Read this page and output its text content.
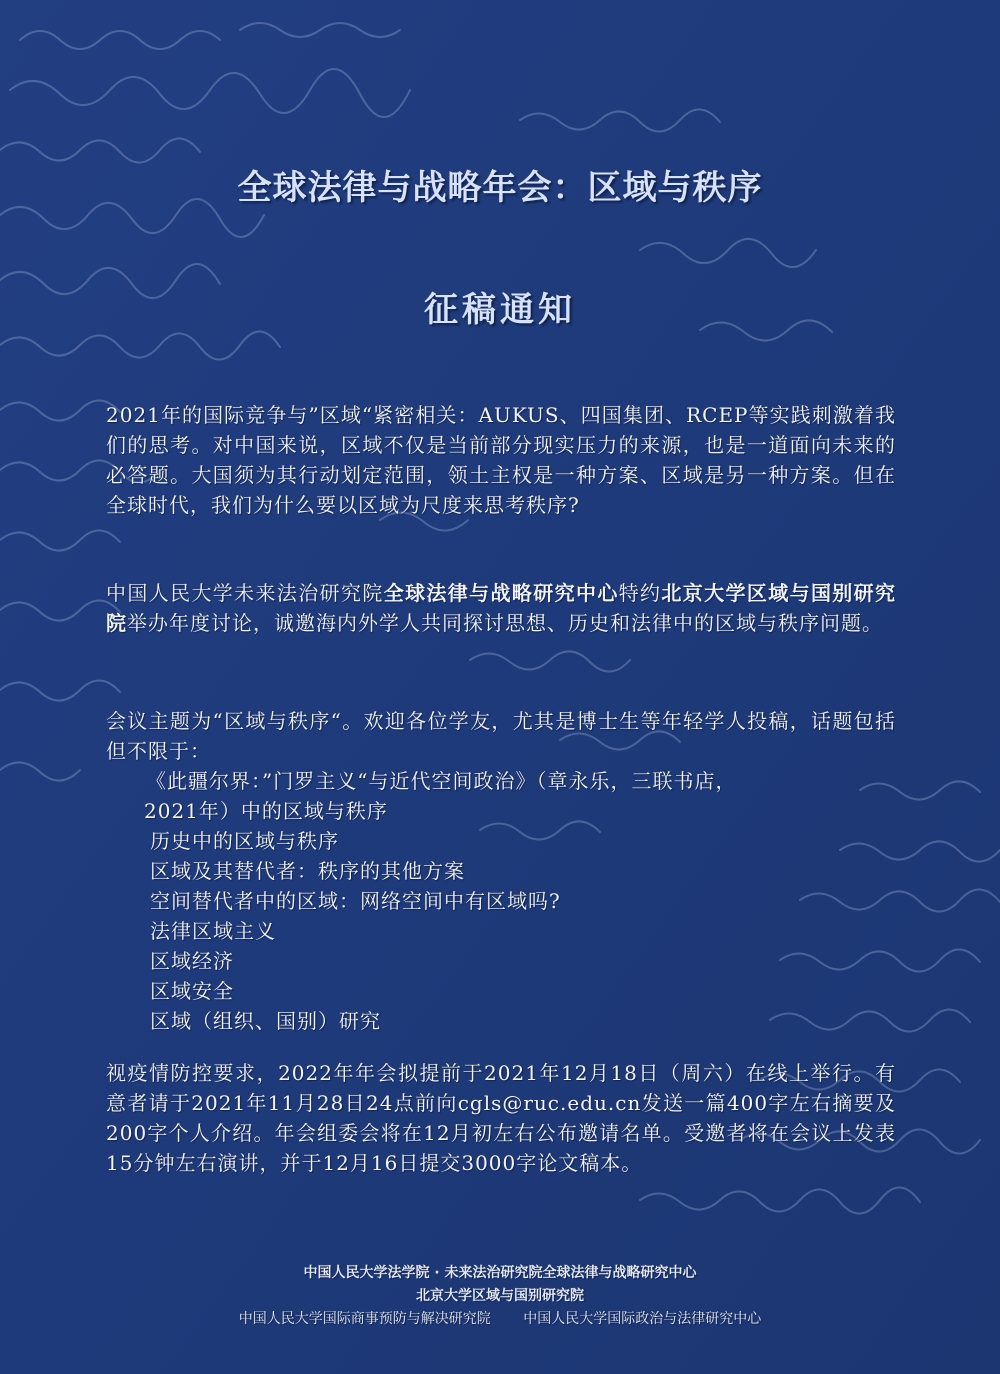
全球法律与战略年会：区域与秩序
征稿通知
2021年的国际竞争与”区域“紧密相关：AUKUS、四国集团、RCEP等实践刺激着我们的思考。对中国来说，区域不仅是当前部分现实压力的来源，也是一道面向未来的必答题。大国须为其行动划定范围，领土主权是一种方案、区域是另一种方案。但在全球时代，我们为什么要以区域为尺度来思考秩序?
中国人民大学未来法治研究院全球法律与战略研究中心特约北京大学区域与国别研究院举办年度讨论，诚邀海内外学人共同探讨思想、历史和法律中的区域与秩序问题。
会议主题为“区域与秩序“。欢迎各位学友，尤其是博士生等年轻学人投稿，话题包括但不限于：
《此疆尔界：”门罗主义“与近代空间政治》（章永乐，三联书店，
2021年）中的区域与秩序
历史中的区域与秩序
区域及其替代者：秩序的其他方案
空间替代者中的区域：网络空间中有区域吗?
法律区域主义
区域经济
区域安全
区域（组织、国别）研究
视疫情防控要求，2022年年会拟提前于2021年12月18日（周六）在线上举行。有意者请于2021年11月28日24点前向cgls@ruc.edu.cn发送一篇400字左右摘要及200字个人介绍。年会组委会将在12月初左右公布邀请名单。受邀者将在会议上发表15分钟左右演讲，并于12月16日提交3000字论文稿本。
中国人民大学法学院 · 未来法治研究院全球法律与战略研究中心
北京大学区域与国别研究院
中国人民大学国际商事预防与解决研究院 中国人民大学国际政治与法律研究中心
